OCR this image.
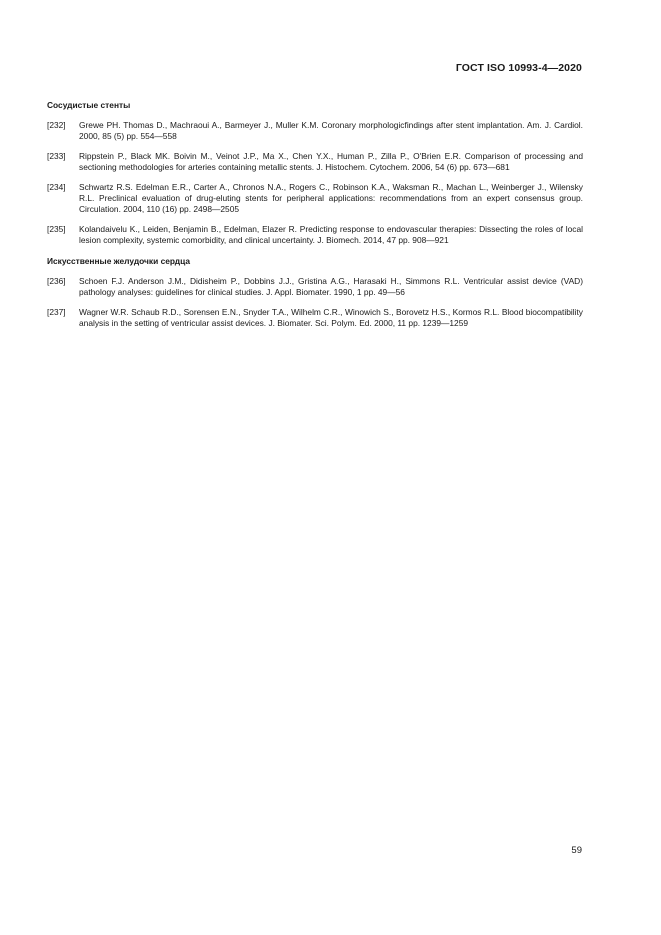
ГОСТ ISO 10993-4—2020
Сосудистые стенты
[232]	Grewe PH. Thomas D., Machraoui A., Barmeyer J., Muller K.M. Coronary morphologicfindings after stent implantation. Am. J. Cardiol. 2000, 85 (5) pp. 554—558
[233]	Rippstein P., Black MK. Boivin M., Veinot J.P., Ma X., Chen Y.X., Human P., Zilla P., O'Brien E.R. Comparison of processing and sectioning methodologies for arteries containing metallic stents. J. Histochem. Cytochem. 2006, 54 (6) pp. 673—681
[234]	Schwartz R.S. Edelman E.R., Carter A., Chronos N.A., Rogers C., Robinson K.A., Waksman R., Machan L., Weinberger J., Wilensky R.L. Preclinical evaluation of drug-eluting stents for peripheral applications: recommendations from an expert consensus group. Circulation. 2004, 110 (16) pp. 2498—2505
[235]	Kolandaivelu K., Leiden, Benjamin B., Edelman, Elazer R. Predicting response to endovascular therapies: Dissecting the roles of local lesion complexity, systemic comorbidity, and clinical uncertainty. J. Biomech. 2014, 47 pp. 908—921
Искусственные желудочки сердца
[236]	Schoen F.J. Anderson J.M., Didisheim P., Dobbins J.J., Gristina A.G., Harasaki H., Simmons R.L. Ventricular assist device (VAD) pathology analyses: guidelines for clinical studies. J. Appl. Biomater. 1990, 1 pp. 49—56
[237]	Wagner W.R. Schaub R.D., Sorensen E.N., Snyder T.A., Wilhelm C.R., Winowich S., Borovetz H.S., Kormos R.L. Blood biocompatibility analysis in the setting of ventricular assist devices. J. Biomater. Sci. Polym. Ed. 2000, 11 pp. 1239—1259
59
